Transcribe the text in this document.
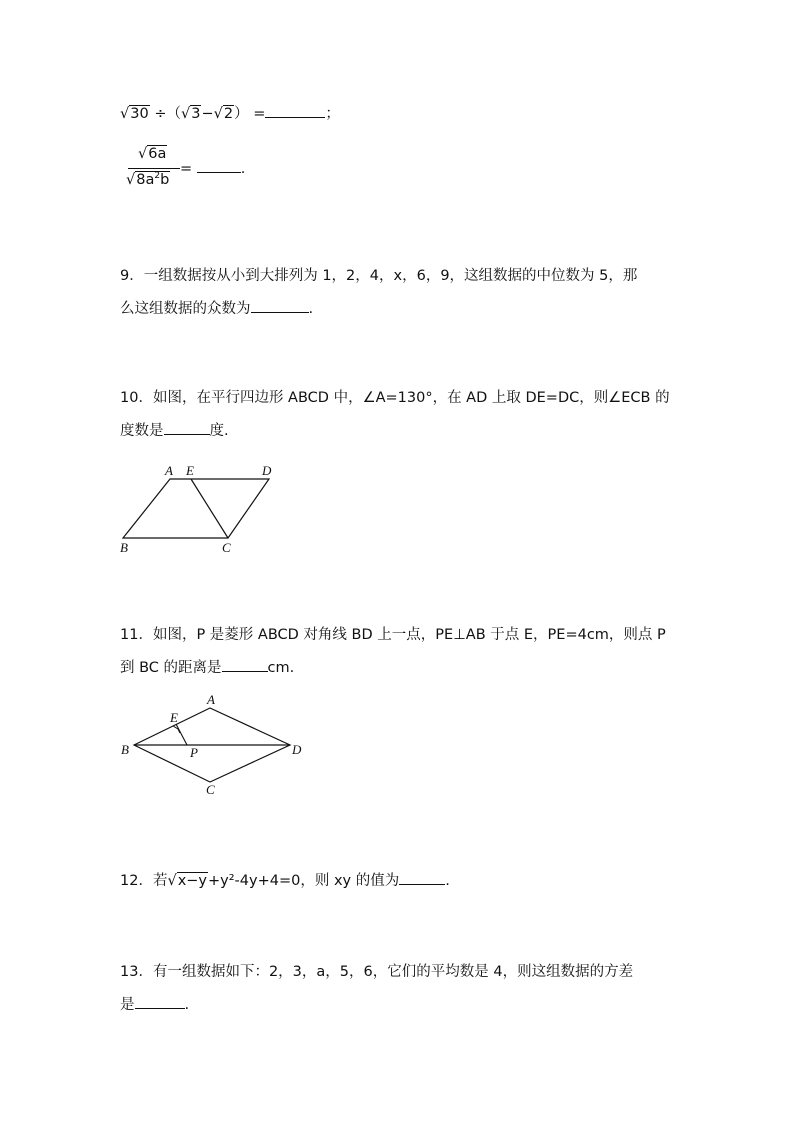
√30 ÷（√3−√2） =	；
√6a
$√8a^2b$
=	.
9．一组数据按从小到大排列为 1，2，4，x，6，9，这组数据的中位数为 5，那
么这组数据的众数为	.
10．如图，在平行四边形 ABCD 中，∠A=130°，在 AD 上取 DE=DC，则∠ECB 的
度数是	度.
A E	D
B	C
11．如图，P 是菱形 ABCD 对角线 BD 上一点，PE⊥AB 于点 E，PE=4cm，则点 P
到 BC 的距离是	cm.
A
E
B	P	D
C
12．若√x−y+y²-4y+4=0，则 xy 的值为	.
13．有一组数据如下：2，3，a，5，6，它们的平均数是 4，则这组数据的方差
是	.
